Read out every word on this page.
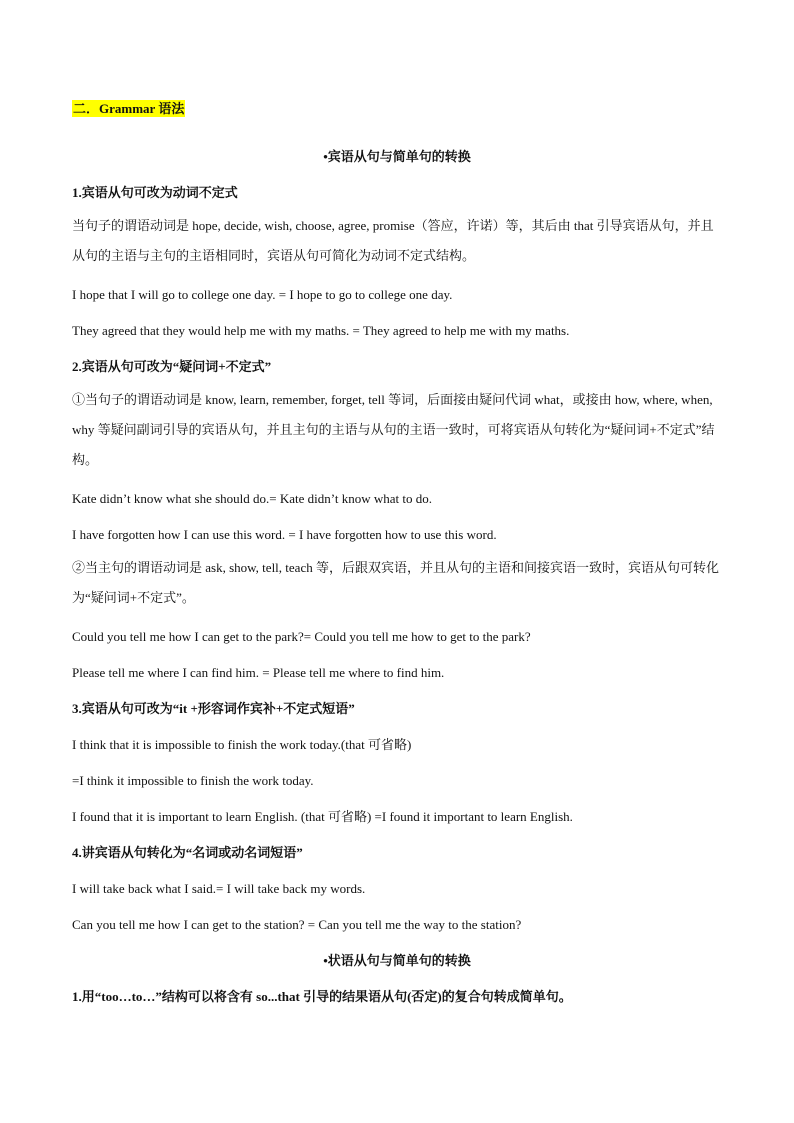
二．Grammar 语法
•宾语从句与简单句的转换
1.宾语从句可改为动词不定式
当句子的谓语动词是 hope, decide, wish, choose, agree, promise（答应，许诺）等，其后由 that 引导宾语从句，并且从句的主语与主句的主语相同时，宾语从句可简化为动词不定式结构。
I hope that I will go to college one day. = I hope to go to college one day.
They agreed that they would help me with my maths. = They agreed to help me with my maths.
2.宾语从句可改为“疑问词+不定式”
①当句子的谓语动词是 know, learn, remember, forget, tell 等词，后面接由疑问代词 what，或接由 how, where, when, why 等疑问副词引导的宾语从句，并且主句的主语与从句的主语一致时，可将宾语从句转化为“疑问词+不定式”结构。
Kate didn’t know what she should do.= Kate didn’t know what to do.
I have forgotten how I can use this word. = I have forgotten how to use this word.
②当主句的谓语动词是 ask, show, tell, teach 等，后跟双宾语，并且从句的主语和间接宾语一致时，宾语从句可转化为“疑问词+不定式”。
Could you tell me how I can get to the park?= Could you tell me how to get to the park?
Please tell me where I can find him. = Please tell me where to find him.
3.宾语从句可改为“it +形容词作宾补+不定式短语”
I think that it is impossible to finish the work today.(that 可省略)
=I think it impossible to finish the work today.
I found that it is important to learn English. (that 可省略) =I found it important to learn English.
4.讲宾语从句转化为“名词或动名词短语”
I will take back what I said.= I will take back my words.
Can you tell me how I can get to the station? = Can you tell me the way to the station?
•状语从句与简单句的转换
1.用“too…to…”结构可以将含有 so...that 引导的结果语从句(否定)的复合句转成简单句。
